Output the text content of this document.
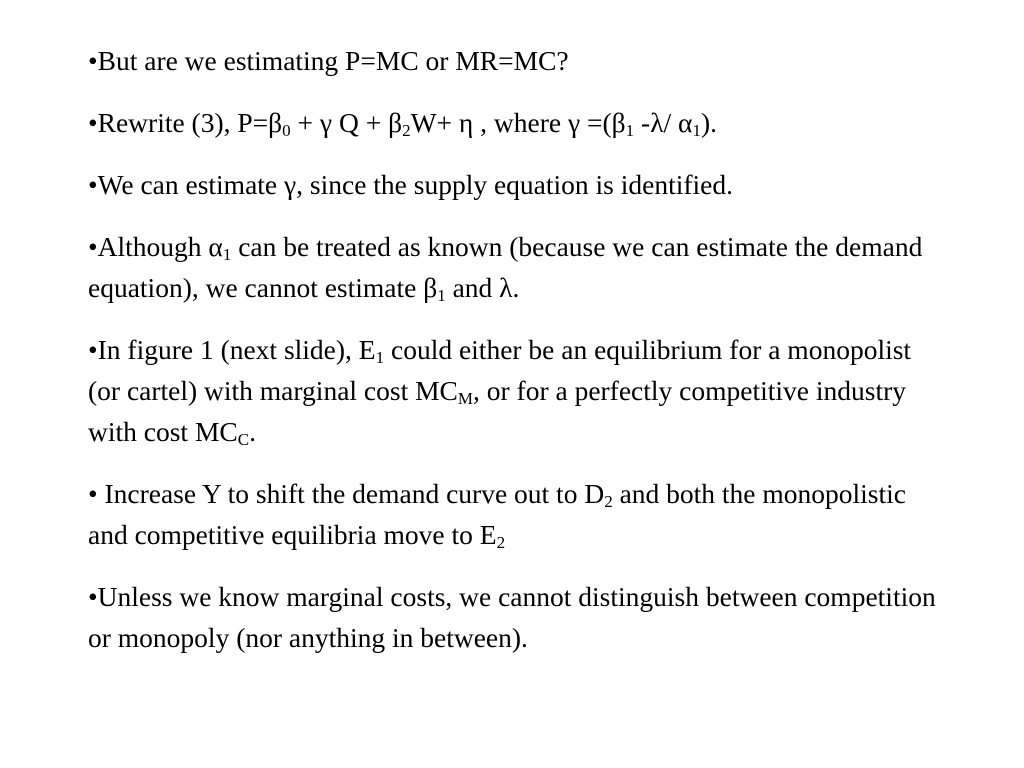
•But are we estimating P=MC or MR=MC?
•Rewrite (3), $P=\beta_0 + \gamma$ $Q + \beta_2W+ \eta$ , where $\gamma =(\beta_1$ -λ/ $\alpha_1$).
•We can estimate γ, since the supply equation is identified.
•Although $\alpha_1$ can be treated as known (because we can estimate the demand equation), we cannot estimate $\beta_1$ and λ.
•In figure 1 (next slide), $E_1$ could either be an equilibrium for a monopolist (or cartel) with marginal cost $MC_M$, or for a perfectly competitive industry with cost $MC_C$.
• Increase Y to shift the demand curve out to $D_2$ and both the monopolistic and competitive equilibria move to $E_2$
•Unless we know marginal costs, we cannot distinguish between competition or monopoly (nor anything in between).
